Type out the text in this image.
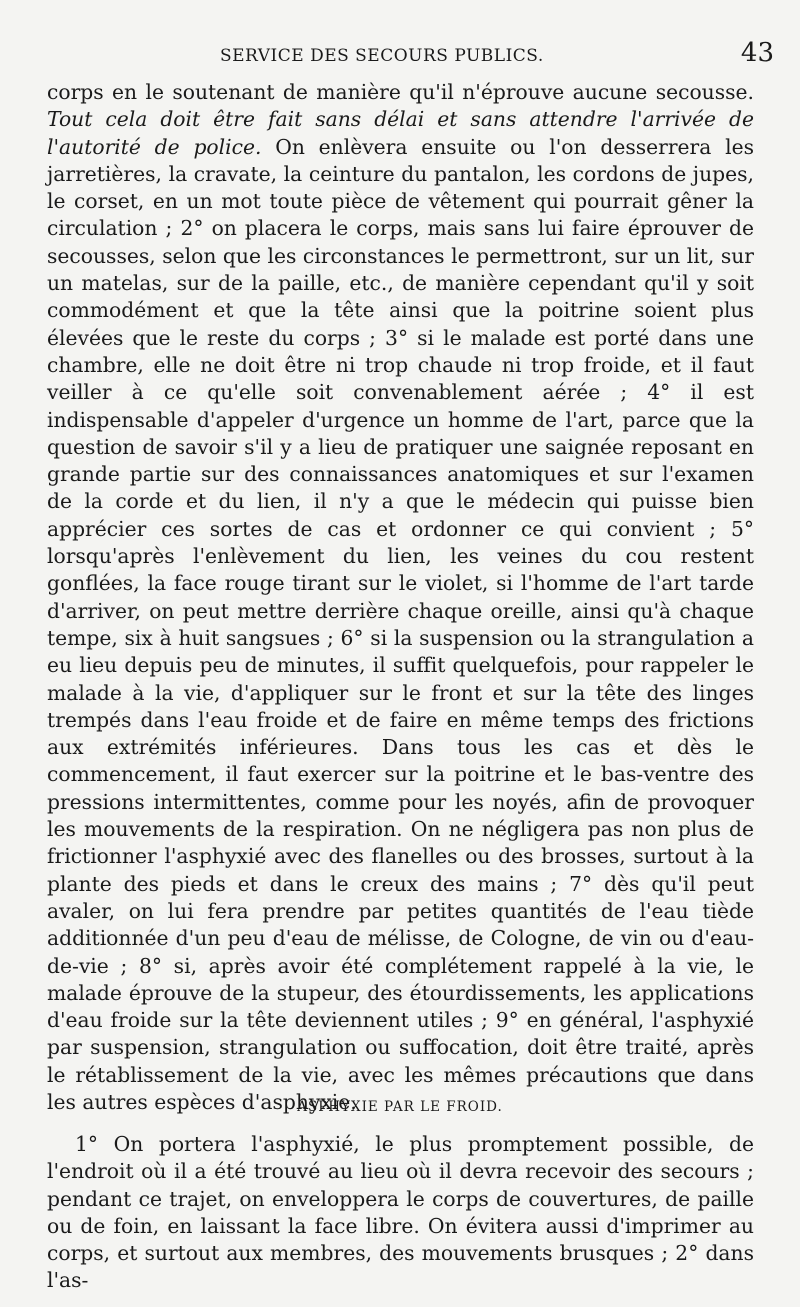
SERVICE DES SECOURS PUBLICS.	43

corps en le soutenant de manière qu'il n'éprouve aucune secousse. Tout cela doit être fait sans délai et sans attendre l'arrivée de l'autorité de police. On enlèvera ensuite ou l'on desserrera les jarretières, la cravate, la ceinture du pantalon, les cordons de jupes, le corset, en un mot toute pièce de vêtement qui pourrait gêner la circulation ; 2° on placera le corps, mais sans lui faire éprouver de secousses, selon que les circonstances le permettront, sur un lit, sur un matelas, sur de la paille, etc., de manière cependant qu'il y soit commodément et que la tête ainsi que la poitrine soient plus élevées que le reste du corps ; 3° si le malade est porté dans une chambre, elle ne doit être ni trop chaude ni trop froide, et il faut veiller à ce qu'elle soit convenablement aérée ; 4° il est indispensable d'appeler d'urgence un homme de l'art, parce que la question de savoir s'il y a lieu de pratiquer une saignée reposant en grande partie sur des connaissances anatomiques et sur l'examen de la corde et du lien, il n'y a que le médecin qui puisse bien apprécier ces sortes de cas et ordonner ce qui convient ; 5° lorsqu'après l'enlèvement du lien, les veines du cou restent gonflées, la face rouge tirant sur le violet, si l'homme de l'art tarde d'arriver, on peut mettre derrière chaque oreille, ainsi qu'à chaque tempe, six à huit sangsues ; 6° si la suspension ou la strangulation a eu lieu depuis peu de minutes, il suffit quelquefois, pour rappeler le malade à la vie, d'appliquer sur le front et sur la tête des linges trempés dans l'eau froide et de faire en même temps des frictions aux extrémités inférieures. Dans tous les cas et dès le commencement, il faut exercer sur la poitrine et le bas-ventre des pressions intermittentes, comme pour les noyés, afin de provoquer les mouvements de la respiration. On ne négligera pas non plus de frictionner l'asphyxié avec des flanelles ou des brosses, surtout à la plante des pieds et dans le creux des mains ; 7° dès qu'il peut avaler, on lui fera prendre par petites quantités de l'eau tiède additionnée d'un peu d'eau de mélisse, de Cologne, de vin ou d'eau-de-vie ; 8° si, après avoir été complétement rappelé à la vie, le malade éprouve de la stupeur, des étourdissements, les applications d'eau froide sur la tête deviennent utiles ; 9° en général, l'asphyxié par suspension, strangulation ou suffocation, doit être traité, après le rétablissement de la vie, avec les mêmes précautions que dans les autres espèces d'asphyxie.

ASPHYXIE PAR LE FROID.

1° On portera l'asphyxié, le plus promptement possible, de l'endroit où il a été trouvé au lieu où il devra recevoir des secours ; pendant ce trajet, on enveloppera le corps de couvertures, de paille ou de foin, en laissant la face libre. On évitera aussi d'imprimer au corps, et surtout aux membres, des mouvements brusques ; 2° dans l'as-
